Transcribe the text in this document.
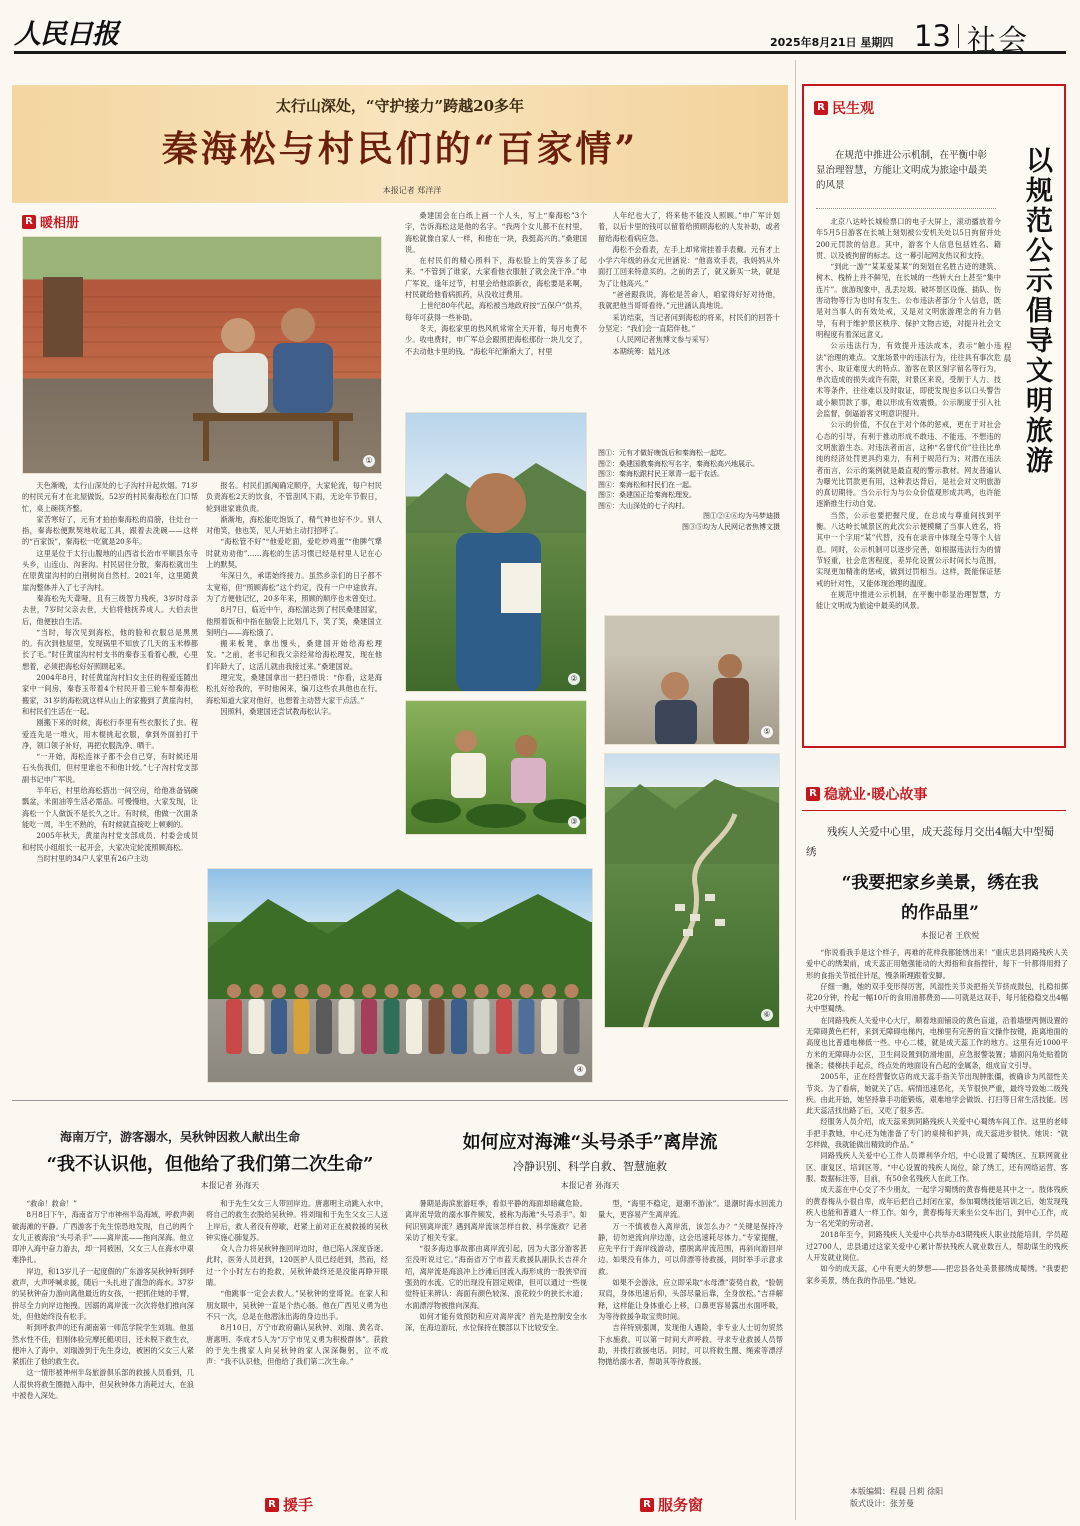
人民日报	2025年8月21日 星期四 13 社会
太行山深处，“守护接力”跨越20多年
秦海松与村民们的“百家情”
本报记者 郑洋洋
R 暖相册
①

天色渐晚，太行山深处的七子沟村升起炊烟。71岁的村民元有才在北屋做饭，52岁的村民秦海松在门口帮忙，桌上碗筷齐整。

家苦寒好了，元有才拍拍秦海松的肩膀，往灶台一指，秦海松便默契地收起工具，跟着去洗碗——这样的“百家饭”，秦海松一吃就是20多年。

这里是位于太行山腹地的山西省长治市平顺县东寺头乡，山连山、沟套沟。村民居住分散，秦海松就出生在原黄崖沟村的白荆树岗自然村。2021年，这里随黄崖沟整体并入了七子沟村。

秦海松先天聋哑，且有三级智力残疾，3岁时母亲去世，7岁时父亲去世，大伯将他抚养成人。大伯去世后，他便独自生活。

“当时，每次见到海松，他的脸和衣服总是黑黑的。有次到他屋里，发现锅里不知放了几天的玉米棒都长了毛。”时任黄崖沟村村支书的秦春玉看着心酸，心里想着，必须把海松好好照顾起来。

2004年8月，时任黄崖沟村妇女主任的程爱连随出家中一间房，秦春玉带着4个村民开着三轮车帮秦海松搬家，31岁的海松就这样从山上的家搬到了黄崖沟村，和村民们生活在一起。

刚搬下来的时候，海松行李里有些衣服长了虫。程爱连先是一堆火，用木棍挑起衣服，拿到外面拍打干净，领口领子补好，再把衣服洗净、晒干。

“一开始，海松连袜子都不会自己穿，有时候还用石头伤我们，但村里谁也不和他计较。”七子沟村党支部副书记申广军说。

半年后，村里给海松搭出一间空房，给他准备锅碗瓢盆，米面油等生活必需品。可慢慢地，大家发现，让海松一个人做饭不是长久之计。有时候，他做一次面条能吃一周，半生不熟的，有时候就直接吃上顿剩的。

2005年秋天，黄崖沟村党支部成员、村委会成员和村民小组组长一起开会，大家决定轮流照顾海松。

当时村里的34户人家里有26户主动

报名。村民们抓阄确定顺序，大家轮流，每户村民负责海松2天的饮食，不管刮风下雨，无论年节假日，轮到谁家谁负责。

渐渐地，海松能吃饱饭了，精气神也好不少。别人对他笑，他也笑，见人开始主动打招呼了。

“海松管不好”“他爱吃面，爱吃炒鸡蛋”“他脾气犟时就劝劝他”……海松的生活习惯已经是村里人记在心上的默契。

年深日久，承诺始终接力。虽然乡亲们的日子都不太宽裕，但“照顾海松”这个约定，没有一户中途放弃。为了方便他记忆，20多年来，照顾的顺序也未曾变过。

8月7日，临近中午，海松溜达到了村民桑建国家，他照着饭和中指在脑袋上比划几下，笑了笑，桑建国立刻明白——海松饿了。

搬来板凳，拿出馒头，桑建国开始给海松理发。“之前，老书记和我父亲经常给海松理发，现在他们年龄大了，这活儿就由我接过来。”桑建国说。

理完发，桑建国拿出一把扫帚说：“你看，这是海松扎好给我的，平时他闲来，编刀这些农具他也在行。海松知道大家对他好，也想着主动替大家干点活。”

因照料，桑建国还尝试教海松认字。

桑建国会在白纸上画一个人头，写上“秦海松”3个字，告诉海松这是他的名字。“我两个女儿都不在村里，海松就像自家人一样，和他在一块，我挺高兴的。”桑建国说。

在村民们的精心照料下，海松脸上的笑容多了起来。“不管到了谁家，大家看他衣服脏了就会洗干净。”申广军说，逢年过节，村里会给他添新衣，海松要是来啊，村民就给他看病抓药，从没收过费用。

上世纪80年代起，海松被当地政府按“五保户”供养，每年可获得一些补助。

冬天，海松家里的热风机常常全天开着，每月电费不少。收电费时，申广军总会跟照把海松那份一块儿交了，不去动他卡里的钱。“海松年纪渐渐大了，村里

人年纪也大了，将来他不能没人照顾。”申广军计划着，以后卡里的钱可以留着给照顾海松的人发补助，或者留给海松看病应急。

海松不会看表，左手上却常常挂着手表戴。元有才上小学六年级的孙女元世涵说：“他喜欢手表，我妈妈从外面打工回来特意买的。之前的丢了，就又新买一块，就是为了让他高兴。”

“爸爸跟我说，海松是苦命人，咱家得好好对待他，我就把他当哥哥看待。”元世涵认真地说。

采访结束，当记者问到海松的将来，村民们的回答十分坚定：“我们会一直陪伴他。”

（人民网记者焦博文参与采写）

本期统筹：陆凡冰

②
③

图①：元有才做好晚饭后和秦海松一起吃。

图②：桑建国教秦海松写名字，秦海松高兴地展示。

图③：秦海松跟村民王翠青一起干农活。

图④：秦海松和村民们在一起。

图⑤：桑建国正给秦海松理发。

图⑥：大山深处的七子沟村。

图①②④⑥均为马梦迪摄

图③⑤均为人民网记者焦博文摄

⑤
⑥
④
R 民生观
在规范中推进公示机制，在平衡中彰显治理智慧，方能让文明成为旅途中最美的风景	以规范公示倡导文明旅游
程晨

北京八达岭长城检票口的电子大屏上，滚动播放着今年5月5日游客在长城上刻划被公安机关处以5日拘留并处200元罚款的信息。其中，游客个人信息包括姓名、籍贯、以及被拘留的标志。这一幕引起网友热议和支持。

“到此一游”“某某爱某某”的刻划在名胜古迹的建筑、树木、栈桥上并不鲜见，在长城的一些转大台上甚至“集中连片”。旅游现象中，乱丢垃圾、破坏景区设施、插队、伤害动物等行为也时有发生。公布违法者部分个人信息，既是对当事人的有效处戒，又是对文明旅游理念的有力倡导，有利于维护景区秩序、保护文物古迹，对提升社会文明程度有着深远意义。

公示违法行为，有效提升违法成本，表示“触小违法”治理的难点。文旅场景中的违法行为，往往具有事次危害小、取证难度大的特点。游客在景区刻字留名等行为，单次造成的损失或许有限，对景区来说，受制于人力、技术等条件，往往难以及时取证，即使发现也多以口头警告或小额罚款了事，难以形成有效震慑。公示制度于引入社会监督，倒逼游客文明意识提升。

公示的价值，不仅在于对个体的惩戒，更在于对社会心态的引导，有利于推动形成不敢违、不能违、不想违的文明旅游生态。对违法者而言，这种“名誉代价”往往比单纯的经济处罚更具约束力，有利于规范行为；对潜在违法者而言，公示的案例就是最直观的警示教材。网友普遍认为曝光比罚款更有用，这种表达背后，是社会对文明旅游的真切期待。当公示行为与公众价值观形成共鸣，也许能逐渐推生行动自觉。

当然，公示也要把握尺度，在总成与尊重间找到平衡。八达岭长城景区的此次公示便模糊了当事人姓名，将其中一个字用“某”代替，没有在录音中体现全号等个人信息。同时，公示机制可以逐步完善，如根据违法行为的情节轻重，社会危害程度，差异化设置公示时间长与范围，实现更加精准的惩戒，做到过罚相当。这样，既能保证惩戒的针对性，又能体现治理的温度。

在规范中推进公示机制，在平衡中彰显治理智慧，方能让文明成为旅途中最美的风景。

R 稳就业·暖心故事
残疾人关爱中心里，成天蕊每月交出4幅大中型蜀绣
“我要把家乡美景，绣在我的作品里”
本报记者 王欣悦

“你说看我手是这个样子，再难的花样我都能绣出来！”重庆忠县同路残疾人关爱中心的绣架前，成天蕊正用勉强能动的大拇指和食指捏针，每下一针都得用拇了形的食指关节抵住针尾，慢条斯理跟着安脚。

仔细一瞧，她的双手变形得厉害，风湿性关节炎把指关节挤成鼓包，扎稳扣掷花20分钟，拎起一幅10斤的食用油都费劲——可就是这双手，每月能稳稳交出4幅大中型蜀绣。

在同路残疾人关爱中心大厅，顺着地面铺设的黄色盲道，沿着墙壁两侧设置的无障碍黄色栏杆，来到无障碍电梯内，电梯里有完善的盲文操作按键，距离地面的高度也比普通电梯低一些。中心二楼，就是成天蕊工作的地方。这里有近1000平方米的无障碍办公区，卫生间设置到防滑地面，应急报警装置；墙面闪角处贴着防撞条；楼梯扶手起点，终点处的地面设有凸起的金属条，组成盲文引导。

2005年，正在经营餐饮店的成天蕊手指关节出现肿胀僵，被确诊为风湿性关节炎。为了看病，她就关了店。病情迅速恶化，关节很快严重，最终导致她二级残疾。由此开始，她坚持靠手功能锻炼，艰难地学会做饭、打扫等日常生活技能。因此天蕊活找出路了后，又吃了很多苦。

经服务人员介绍，成天蕊来到同路残疾人关爱中心蜀绣车间工作。这里的老师手把手教她，中心还为她准备了专门的桌椅和护具，成天蕊进步很快。她说：“就怎样做，我就能做出精致的作品。”

同路残疾人关爱中心工作人员谭利华介绍，中心设置了蜀绣区、互联网就业区、康复区、培训区等。“中心设置的残疾人岗位，除了绣工，还有网络运营、客服、数据标注等，目前，有50余名残疾人在此工作。

成天蕊在中心交了不少朋友，一起学习蜀绣的黄春梅便是其中之一。肢体残疾的黄春梅从小很自卑，成年后把自己封闭在家，参加蜀绣技能培训之后，她发现残疾人也能和普通人一样工作。如今，黄春梅每天乘坐公交车出门，到中心工作，成为一名光荣的劳动者。

2018年至今，同路残疾人关爱中心共举办83期残疾人职业技能培训，学员超过2700人，忠县通过这家关爱中心累计帮扶残疾人就业数百人，帮助谋生的残疾人开发就业岗位。

如今的成天蕊，心中有更大的梦想——把忠县各处美景都绣成蜀绣。“我要把家乡美景，绣在我的作品里。”她说。

本版编辑：程晨 吕莉 徐阳
版式设计：张芳曼
海南万宁，游客溺水，吴秋钟因救人献出生命
“我不认识他，但他给了我们第二次生命”
本报记者 孙海天

“救命！救命！”

8月8日下午，海南省万宁市神州半岛海域，呼救声刺破海滩的平静。广西游客于先生惊恐地发现，自己的两个女儿正被海浪“头号杀手”——离岸流——拖向深海。他立即冲入海中奋力游去，却一同被困，父女三人在海水中艰难挣扎。

岸边，和13岁儿子一起度假的广东游客吴秋钟听到呼救声，大声呼喊求援，随后一头扎进了湍急的海水。37岁的吴秋钟奋力游向离他最近的女孩，一把抓住她的手臂，拼尽全力向岸边拖拽。因溺的离岸流一次次将他们推向深处，但他始终没有松手。

听到呼救声的还有湖南第一师范学院学生刘瑞。他虽然水性不佳，但刚体验完摩托艇项目，还未脱下救生衣，便冲入了海中。刘瑞游到于先生身边，被困的父女三人紧紧抓住了他的救生衣。

这一情形被神州半岛旅游俱乐部的救援人员看到，几人很快将救生圈抛入海中，但吴秋钟体力消耗过大，在浪中被卷入深处。

和于先生父女三人带回岸边。唐惠明主动跳入水中，将自己的救生衣脱给吴秋钟。将刘瑞和于先生父女三人送上岸后，救人者没有停歇，赶紧上前对正在被救援的吴秋钟实施心肺复苏。

众人合力将吴秋钟拖回岸边时，他已陷入深度昏迷。此时，医务人员赶到，120医护人员已经赶到，然而，经过一个小时左右的抢救，吴秋钟最终还是没能再睁开眼睛。

“他跳事一定会去救人。”吴秋钟的堂哥说。在家人和朋友眼中，吴秋钟一直是个热心肠。他在广西见义勇为也不只一次，总是在他潜泳出海的身边出手。

8月10日，万宁市政府确认吴秋钟、刘瑞、黄名奇、唐惠明、李成才5人为“万宁市见义勇为积极群体”。获救的于先生携家人向吴秋钟的家人深深鞠躬，泣不成声：“我不认识他，但他给了我们第二次生命。”

R 援手
如何应对海滩“头号杀手”离岸流
冷静识别、科学自救、智慧施救
本报记者 孙海天

暑期是海滨旅游旺季，看似平静的海面却暗藏危险。离岸流导致的溺水事件频发，被称为海滩“头号杀手”。如何识别离岸流？遇到离岸流该怎样自救、科学施救？记者采访了相关专家。

“很多海边事故都由离岸流引起，因为大部分游客甚至没听说过它。”海南省万宁市蓝天救援队副队长吉祥介绍，离岸流是海浪冲上沙滩后回流入海形成的一股狭窄而强劲的水流。它的出现没有固定规律，但可以通过一些视觉特征来辨认：海面有颜色较深、浪花较少的狭长水道；水面漂浮物被推向深海。

如何才能有效预防和应对离岸流？首先是控制安全水深，在海边游玩，水位保持在腰部以下比较安全。

型，“海里不稳定，退潮不游泳”。退潮时海水回流力量大，更容易产生离岸流。

万一不慎被卷入离岸流，该怎么办？“关键是保持冷静，切勿逆流向岸边游，这会迅速耗尽体力。”专家提醒，应先平行于海岸线游动，摆脱离岸流范围，再斜向游回岸边。如果没有体力，可以仰漂等待救援，同时举手示意求救。

如果不会游泳，应立即采取“水母漂”姿势自救，“脸朝双肩，身体迅速后仰，头部尽量后靠，全身放松。”吉祥解释，这样能让身体重心上移，口鼻更容易露出水面呼吸，为等待救援争取宝贵时间。

吉祥特别强调，发现他人遇险，非专业人士切勿贸然下水施救。可以第一时间大声呼救、寻求专业救援人员帮助，并拨打救援电话。同时，可以将救生圈、绳索等漂浮物抛给溺水者，帮助其等待救援。

R 服务窗
